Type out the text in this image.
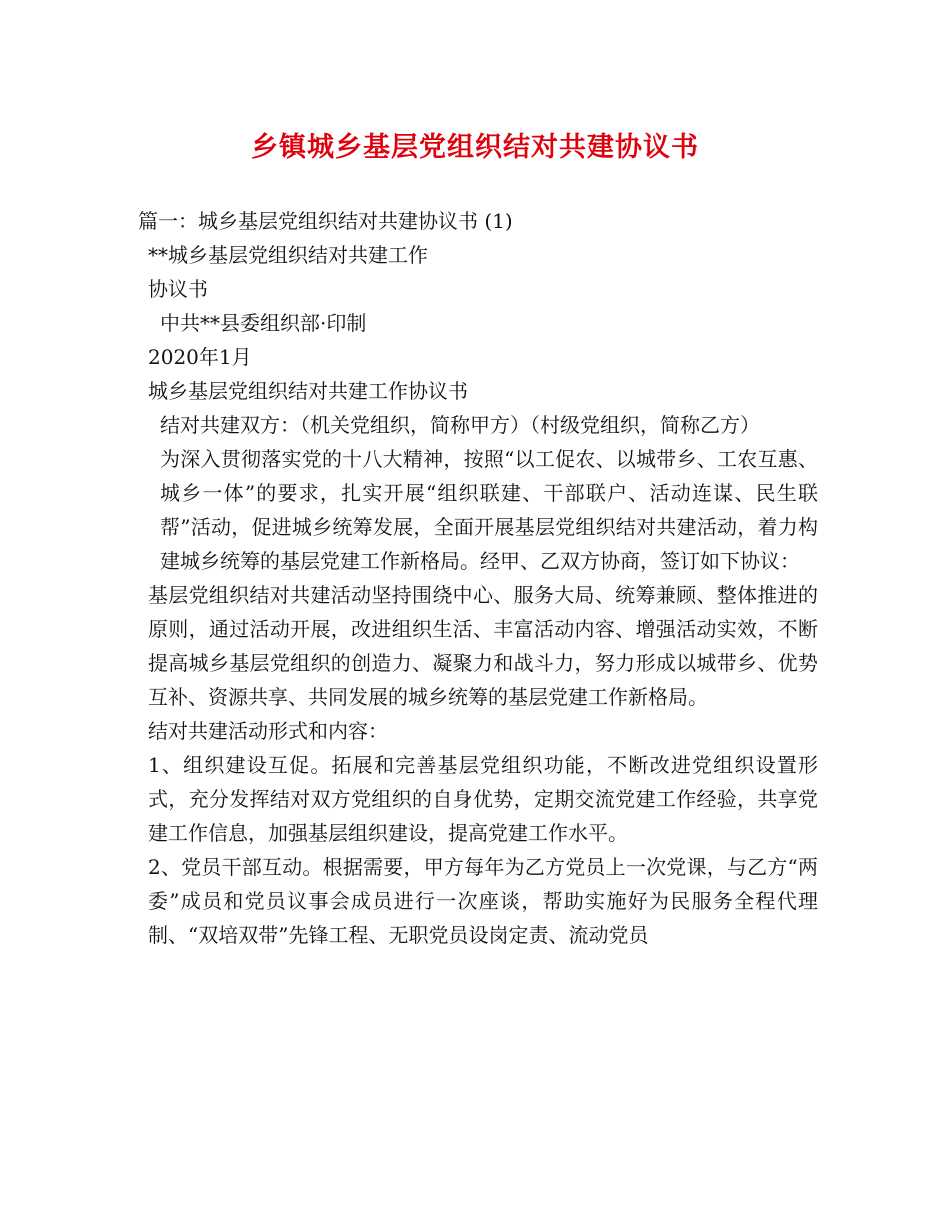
乡镇城乡基层党组织结对共建协议书

篇一：城乡基层党组织结对共建协议书 (1)

**城乡基层党组织结对共建工作

协议书

中共**县委组织部·印制

2020年1月

城乡基层党组织结对共建工作协议书

结对共建双方：（机关党组织，简称甲方）（村级党组织，简称乙方）

为深入贯彻落实党的十八大精神，按照“以工促农、以城带乡、工农互惠、城乡一体”的要求，扎实开展“组织联建、干部联户、活动连谋、民生联帮”活动，促进城乡统筹发展，全面开展基层党组织结对共建活动，着力构建城乡统筹的基层党建工作新格局。经甲、乙双方协商，签订如下协议：

基层党组织结对共建活动坚持围绕中心、服务大局、统筹兼顾、整体推进的原则，通过活动开展，改进组织生活、丰富活动内容、增强活动实效，不断提高城乡基层党组织的创造力、凝聚力和战斗力，努力形成以城带乡、优势互补、资源共享、共同发展的城乡统筹的基层党建工作新格局。

结对共建活动形式和内容：

1、组织建设互促。拓展和完善基层党组织功能，不断改进党组织设置形式，充分发挥结对双方党组织的自身优势，定期交流党建工作经验，共享党建工作信息，加强基层组织建设，提高党建工作水平。

2、党员干部互动。根据需要，甲方每年为乙方党员上一次党课，与乙方“两委”成员和党员议事会成员进行一次座谈，帮助实施好为民服务全程代理制、“双培双带”先锋工程、无职党员设岗定责、流动党员
